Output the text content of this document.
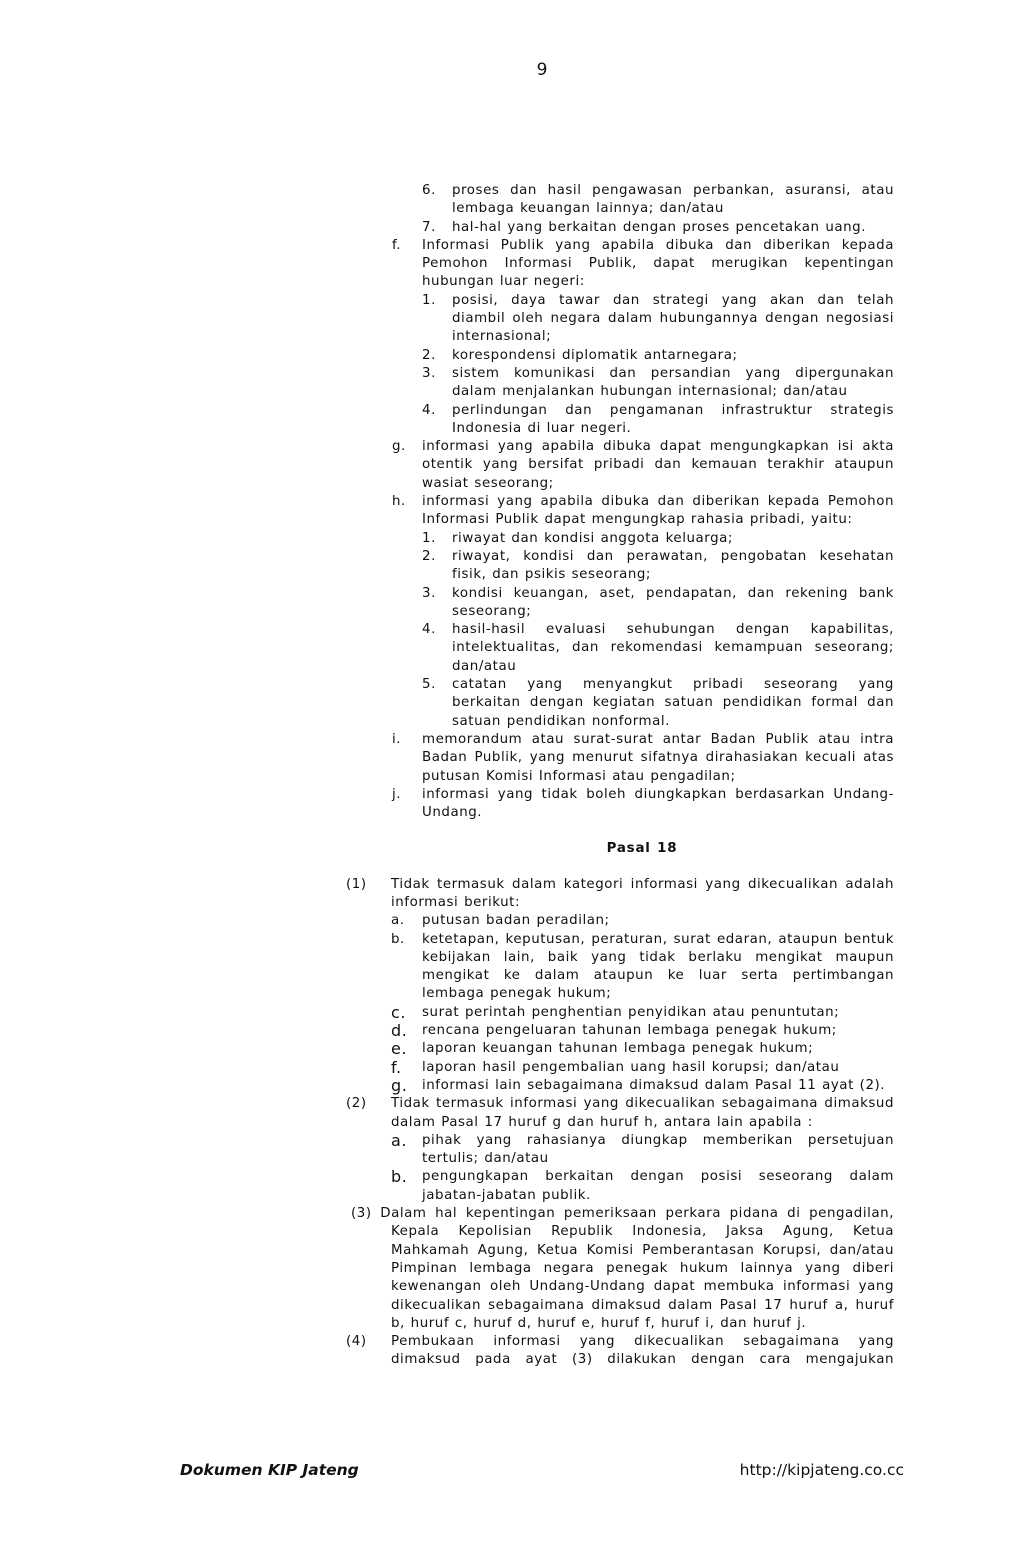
9
6. proses dan hasil pengawasan perbankan, asuransi, atau lembaga keuangan lainnya; dan/atau
7. hal-hal yang berkaitan dengan proses pencetakan uang.
f. Informasi Publik yang apabila dibuka dan diberikan kepada Pemohon Informasi Publik, dapat merugikan kepentingan hubungan luar negeri:
1. posisi, daya tawar dan strategi yang akan dan telah diambil oleh negara dalam hubungannya dengan negosiasi internasional;
2. korespondensi diplomatik antarnegara;
3. sistem komunikasi dan persandian yang dipergunakan dalam menjalankan hubungan internasional; dan/atau
4. perlindungan dan pengamanan infrastruktur strategis Indonesia di luar negeri.
g. informasi yang apabila dibuka dapat mengungkapkan isi akta otentik yang bersifat pribadi dan kemauan terakhir ataupun wasiat seseorang;
h. informasi yang apabila dibuka dan diberikan kepada Pemohon Informasi Publik dapat mengungkap rahasia pribadi, yaitu:
1. riwayat dan kondisi anggota keluarga;
2. riwayat, kondisi dan perawatan, pengobatan kesehatan fisik, dan psikis seseorang;
3. kondisi keuangan, aset, pendapatan, dan rekening bank seseorang;
4. hasil-hasil evaluasi sehubungan dengan kapabilitas, intelektualitas, dan rekomendasi kemampuan seseorang; dan/atau
5. catatan yang menyangkut pribadi seseorang yang berkaitan dengan kegiatan satuan pendidikan formal dan satuan pendidikan nonformal.
i. memorandum atau surat-surat antar Badan Publik atau intra Badan Publik, yang menurut sifatnya dirahasiakan kecuali atas putusan Komisi Informasi atau pengadilan;
j. informasi yang tidak boleh diungkapkan berdasarkan Undang-Undang.
Pasal 18
(1) Tidak termasuk dalam kategori informasi yang dikecualikan adalah informasi berikut:
a. putusan badan peradilan;
b. ketetapan, keputusan, peraturan, surat edaran, ataupun bentuk kebijakan lain, baik yang tidak berlaku mengikat maupun mengikat ke dalam ataupun ke luar serta pertimbangan lembaga penegak hukum;
c. surat perintah penghentian penyidikan atau penuntutan;
d. rencana pengeluaran tahunan lembaga penegak hukum;
e. laporan keuangan tahunan lembaga penegak hukum;
f. laporan hasil pengembalian uang hasil korupsi; dan/atau
g. informasi lain sebagaimana dimaksud dalam Pasal 11 ayat (2).
(2) Tidak termasuk informasi yang dikecualikan sebagaimana dimaksud dalam Pasal 17 huruf g dan huruf h, antara lain apabila :
a. pihak yang rahasianya diungkap memberikan persetujuan tertulis; dan/atau
b. pengungkapan berkaitan dengan posisi seseorang dalam jabatan-jabatan publik.
(3) Dalam hal kepentingan pemeriksaan perkara pidana di pengadilan, Kepala Kepolisian Republik Indonesia, Jaksa Agung, Ketua Mahkamah Agung, Ketua Komisi Pemberantasan Korupsi, dan/atau Pimpinan lembaga negara penegak hukum lainnya yang diberi kewenangan oleh Undang-Undang dapat membuka informasi yang dikecualikan sebagaimana dimaksud dalam Pasal 17 huruf a, huruf b, huruf c, huruf d, huruf e, huruf f, huruf i, dan huruf j.
(4) Pembukaan informasi yang dikecualikan sebagaimana yang dimaksud pada ayat (3) dilakukan dengan cara mengajukan
Dokumen KIP Jateng	http://kipjateng.co.cc
